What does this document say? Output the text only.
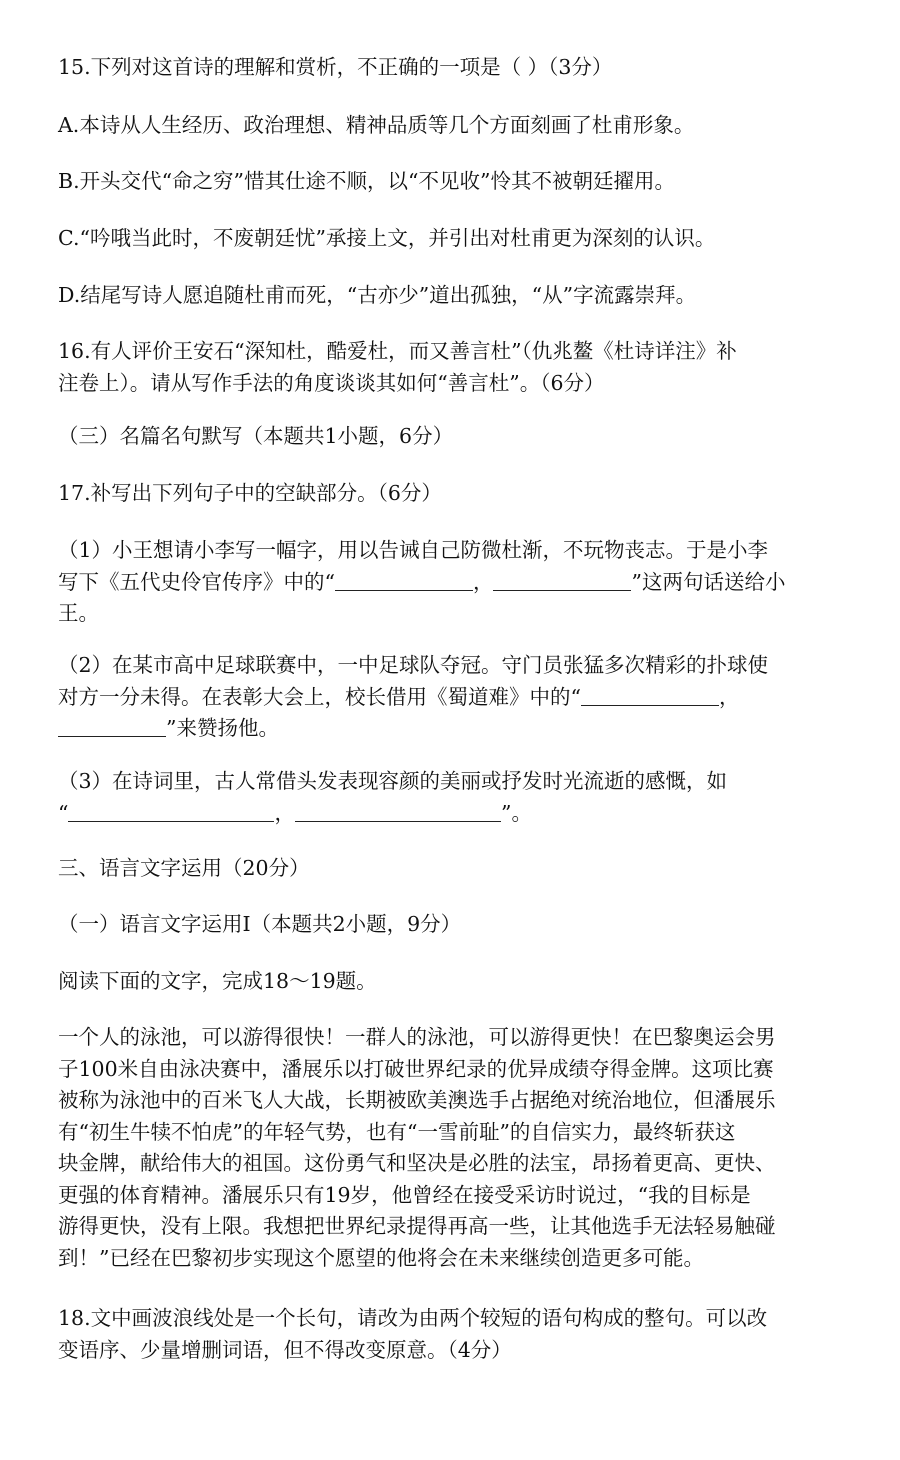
15.下列对这首诗的理解和赏析，不正确的一项是（ ）（3分）

A.本诗从人生经历、政治理想、精神品质等几个方面刻画了杜甫形象。

B.开头交代“命之穷”惜其仕途不顺，以“不见收”怜其不被朝廷擢用。

C.“吟哦当此时，不废朝廷忧”承接上文，并引出对杜甫更为深刻的认识。

D.结尾写诗人愿追随杜甫而死，“古亦少”道出孤独，“从”字流露崇拜。

16.有人评价王安石“深知杜，酷爱杜，而又善言杜”（仇兆鳌《杜诗详注》补
注卷上）。请从写作手法的角度谈谈其如何“善言杜”。（6分）

（三）名篇名句默写（本题共1小题，6分）

17.补写出下列句子中的空缺部分。（6分）

（1）小王想请小李写一幅字，用以告诫自己防微杜渐，不玩物丧志。于是小李
写下《五代史伶官传序》中的“	，	”这两句话送给小
王。
（2）在某市高中足球联赛中，一中足球队夺冠。守门员张猛多次精彩的扑球使
对方一分未得。在表彰大会上，校长借用《蜀道难》中的“	，
”来赞扬他。
（3）在诗词里，古人常借头发表现容颜的美丽或抒发时光流逝的感慨，如
“	，	”。

三、语言文字运用（20分）

（一）语言文字运用Ⅰ（本题共2小题，9分）

阅读下面的文字，完成18～19题。

一个人的泳池，可以游得很快！一群人的泳池，可以游得更快！在巴黎奥运会男
子100米自由泳决赛中，潘展乐以打破世界纪录的优异成绩夺得金牌。这项比赛
被称为泳池中的百米飞人大战，长期被欧美澳选手占据绝对统治地位，但潘展乐
有“初生牛犊不怕虎”的年轻气势，也有“一雪前耻”的自信实力，最终斩获这
块金牌，献给伟大的祖国。这份勇气和坚决是必胜的法宝，昂扬着更高、更快、
更强的体育精神。潘展乐只有19岁，他曾经在接受采访时说过，“我的目标是
游得更快，没有上限。我想把世界纪录提得再高一些，让其他选手无法轻易触碰
到！”已经在巴黎初步实现这个愿望的他将会在未来继续创造更多可能。
18.文中画波浪线处是一个长句，请改为由两个较短的语句构成的整句。可以改
变语序、少量增删词语，但不得改变原意。（4分）
